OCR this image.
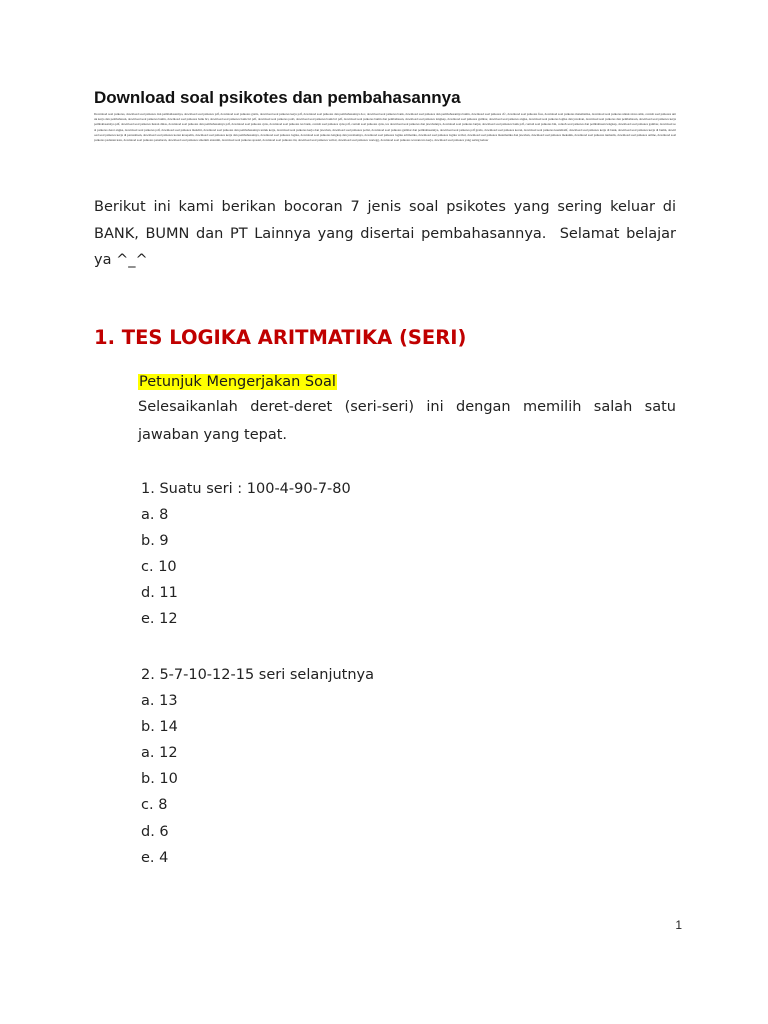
Download soal psikotes dan pembahasannya
Download soal psikotes, download soal psikotes dan pembahasannya, download soal psikotes pdf, download soal psikotes gratis, download soal psikotes kerja pdf, download soal psikotes dan pembahasannya doc, download soal psikotes bank, download soal psikotes dan pembahasannya bumn, download soal psikotes cfc, download soal psikotes free, download soal psikotes matematika, download soal psikotes untuk siswa smk, contoh soal psikotes untuk kerja dan pembahasan, download soal psikotes bumn, download soal psikotes bank bri, download soal psikotes bank bri pdf, download soal psikotes polri, download soal psikotes bank bri pdf, download soal psikotes bumn dan pembahasan, download soal psikotes lengkap, download soal psikotes gambar, download soal psikotes angka, download soal psikotes logika dan jawaban, download soal psikotes dan pembahasan, download soal psikotes kerja pembahasannya pdf, download soal psikotes ikatan dinas, download soal psikotes dan pembahasannya pdf, download soal psikotes cpns, download soal psikotes tes bank, contoh soal psikotes cpns pdf, contoh soal psikotes cpns, tes download soal psikotes dan jawabannya, download soal psikotes lanjut, download soal psikotes bank pdf, contoh soal psikotes bni, contoh soal psikotes dan pembahasan lengkap, download soal psikotes gambar, download soal psikotes deret angka, download soal psikotes pdf, download soal psikotes mandiri, download soal psikotes dan pembahasannya untuk kerja, download soal psikotes kerja dan jawaban, download soal psikotes polisi, download soal psikotes gambar dan pembahasannya, download soal psikotes pdf gratis, download soal psikotes koran, download soal psikotes kuantitatif, download soal psikotes kerja di bank, download soal psikotes kerja di bumn, download soal psikotes kerja di perusahaan, download soal psikotes koran kraepelin, download soal psikotes kerja dan pembahasannya, download soal psikotes logika, download soal psikotes lengkap dan jawabannya, download soal psikotes logika aritmatika, download soal psikotes logika verbal, download soal psikotes matematika dan jawaban, download soal psikotes mekanik, download soal psikotes numerik, download soal psikotes online, download soal psikotes padanan kata, download soal psikotes penalaran, download soal psikotes sinonim antonim, download soal psikotes spasial, download soal psikotes tni, download soal psikotes verbal, download soal psikotes wartegg, download soal psikotes wawancara kerja, download soal psikotes yang sering keluar
Berikut ini kami berikan bocoran 7 jenis soal psikotes yang sering keluar di BANK, BUMN dan PT Lainnya yang disertai pembahasannya.  Selamat belajar ya ^_^
1. TES LOGIKA ARITMATIKA (SERI)
Petunjuk Mengerjakan Soal
Selesaikanlah deret-deret (seri-seri) ini dengan memilih salah satu jawaban yang tepat.
1. Suatu seri : 100-4-90-7-80
a. 8
b. 9
c. 10
d. 11
e. 12
2. 5-7-10-12-15 seri selanjutnya
a. 13
b. 14
a. 12
b. 10
c. 8
d. 6
e. 4
1
